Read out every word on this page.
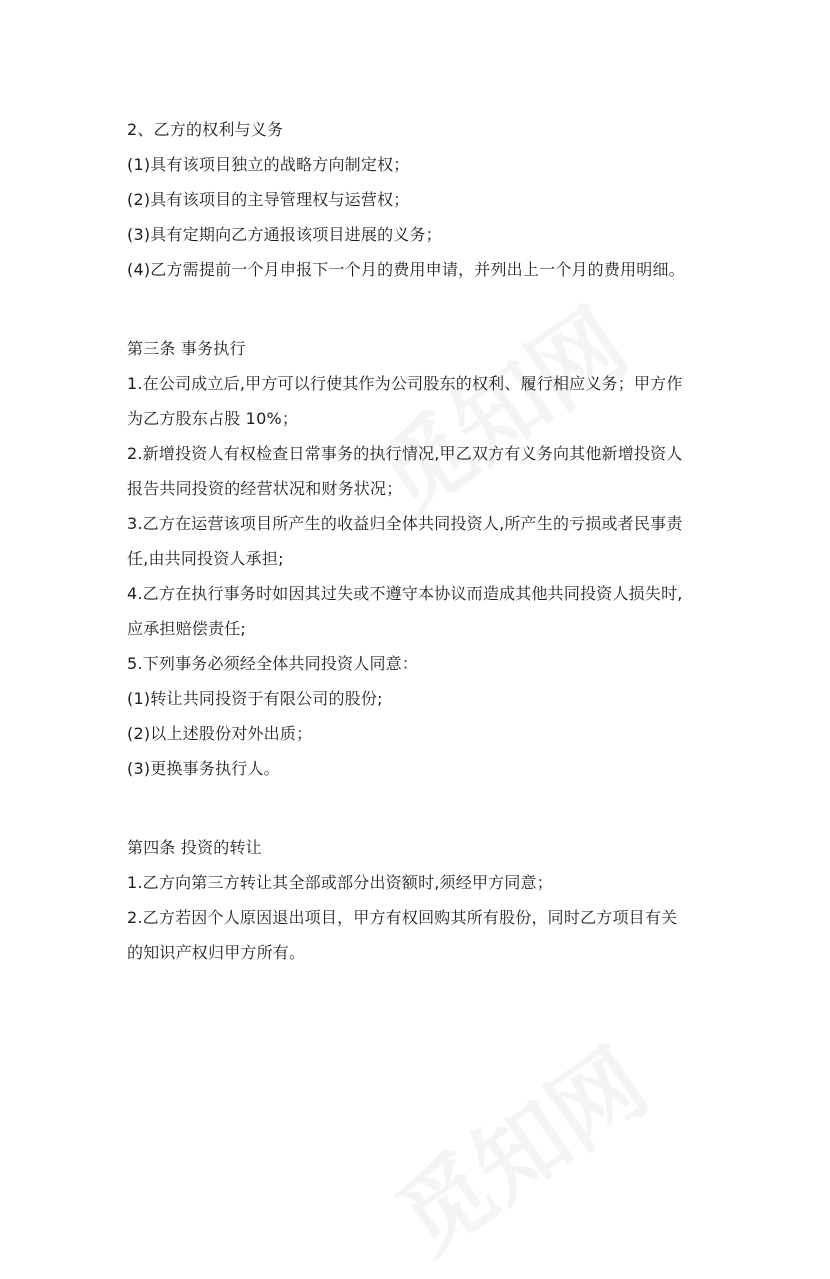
2、乙方的权利与义务
(1)具有该项目独立的战略方向制定权；
(2)具有该项目的主导管理权与运营权；
(3)具有定期向乙方通报该项目进展的义务；
(4)乙方需提前一个月申报下一个月的费用申请，并列出上一个月的费用明细。
第三条 事务执行
1.在公司成立后,甲方可以行使其作为公司股东的权利、履行相应义务；甲方作
为乙方股东占股 10%；
2.新增投资人有权检查日常事务的执行情况,甲乙双方有义务向其他新增投资人
报告共同投资的经营状况和财务状况；
3.乙方在运营该项目所产生的收益归全体共同投资人,所产生的亏损或者民事责
任,由共同投资人承担;
4.乙方在执行事务时如因其过失或不遵守本协议而造成其他共同投资人损失时,
应承担赔偿责任;
5.下列事务必须经全体共同投资人同意：
(1)转让共同投资于有限公司的股份;
(2)以上述股份对外出质；
(3)更换事务执行人。
第四条 投资的转让
1.乙方向第三方转让其全部或部分出资额时,须经甲方同意；
2.乙方若因个人原因退出项目，甲方有权回购其所有股份，同时乙方项目有关
的知识产权归甲方所有。
